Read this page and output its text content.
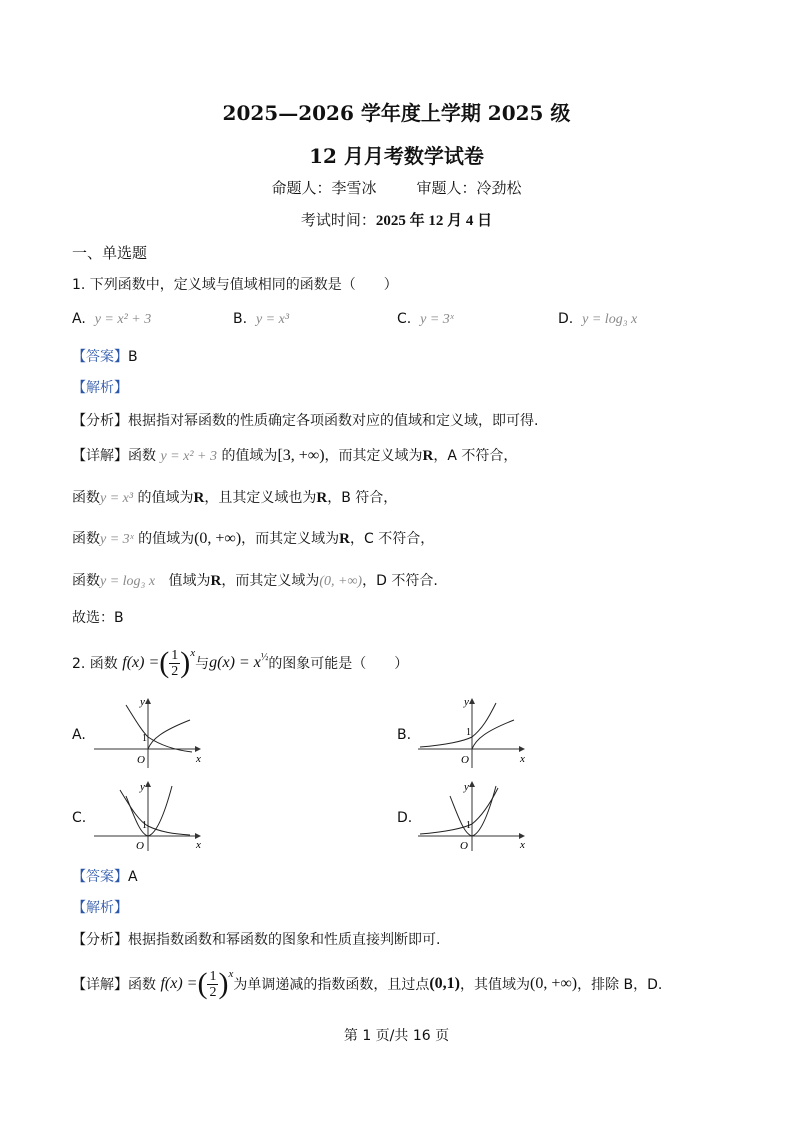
2025—2026 学年度上学期 2025 级
12 月月考数学试卷
命题人：李雪冰	审题人：冷劲松
考试时间：2025 年 12 月 4 日
一、单选题
1. 下列函数中，定义域与值域相同的函数是（　　）
A. y = x² + 3	B. y = x³	C. y = 3ˣ	D. y = log₃ x
【答案】B
【解析】
【分析】根据指对幂函数的性质确定各项函数对应的值域和定义域，即可得.
【详解】函数 y = x² + 3 的值域为[3, +∞)，而其定义域为R，A 不符合，
函数y = x³ 的值域为R，且其定义域也为R，B 符合，
函数y = 3ˣ 的值域为(0, +∞)，而其定义域为R，C 不符合，
函数y = log₃ x 值域为R，而其定义域为(0, +∞)，D 不符合.
故选：B
2. 函数
f(x) = ( $\frac{1}{2} )^x$
与 $g(x) = x^{\frac{1}{2}}$ 的图象可能是（　　）
A.	B.
C.	D.
y
x
O
1
y
x
O
1
y
x
O
1
y
x
O
1
【答案】A
【解析】
【分析】根据指数函数和幂函数的图象和性质直接判断即可.
【详解】 函数
f(x) = ( $\frac{1}{2} )^x$
为单调递减的指数函数，且过点 (0,1) ，其值域为 (0, +∞) ，排除 B，D.
第 1 页/共 16 页
